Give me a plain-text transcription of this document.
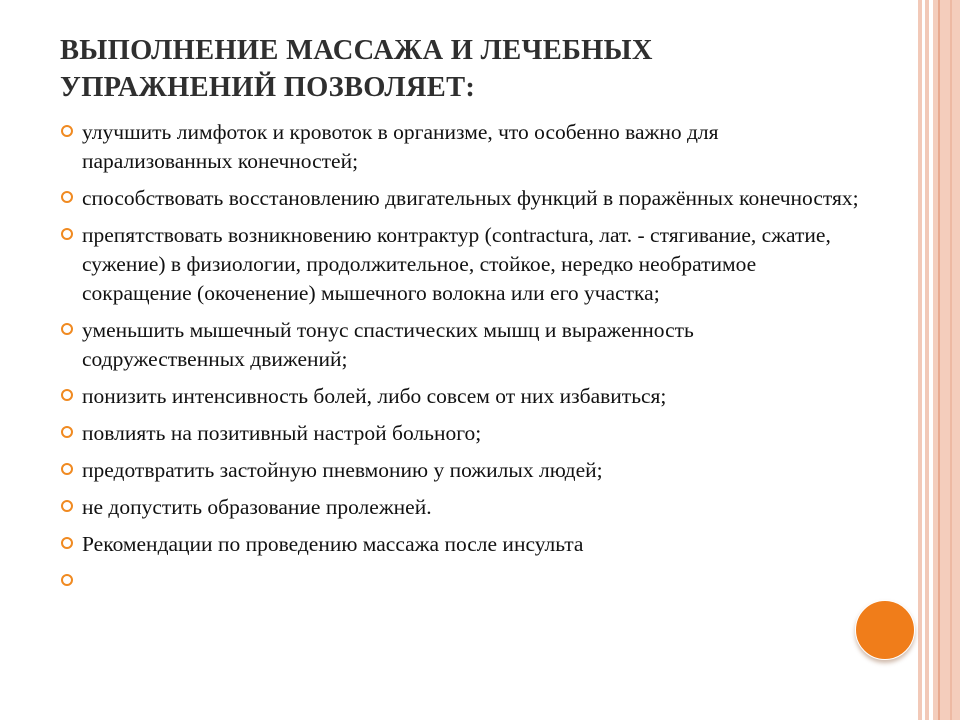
ВЫПОЛНЕНИЕ МАССАЖА И ЛЕЧЕБНЫХ
УПРАЖНЕНИЙ ПОЗВОЛЯЕТ:
улучшить лимфоток и кровоток в организме, что особенно важно для парализованных конечностей;
способствовать восстановлению двигательных функций в поражённых конечностях;
препятствовать возникновению контрактур (contractura, лат. - стягивание, сжатие, сужение) в физиологии, продолжительное, стойкое, нередко необратимое сокращение (окоченение) мышечного волокна или его участка;
уменьшить мышечный тонус спастических мышц и выраженность содружественных движений;
понизить интенсивность болей, либо совсем от них избавиться;
повлиять на позитивный настрой больного;
предотвратить застойную пневмонию у пожилых людей;
не допустить образование пролежней.
Рекомендации по проведению массажа после инсульта
